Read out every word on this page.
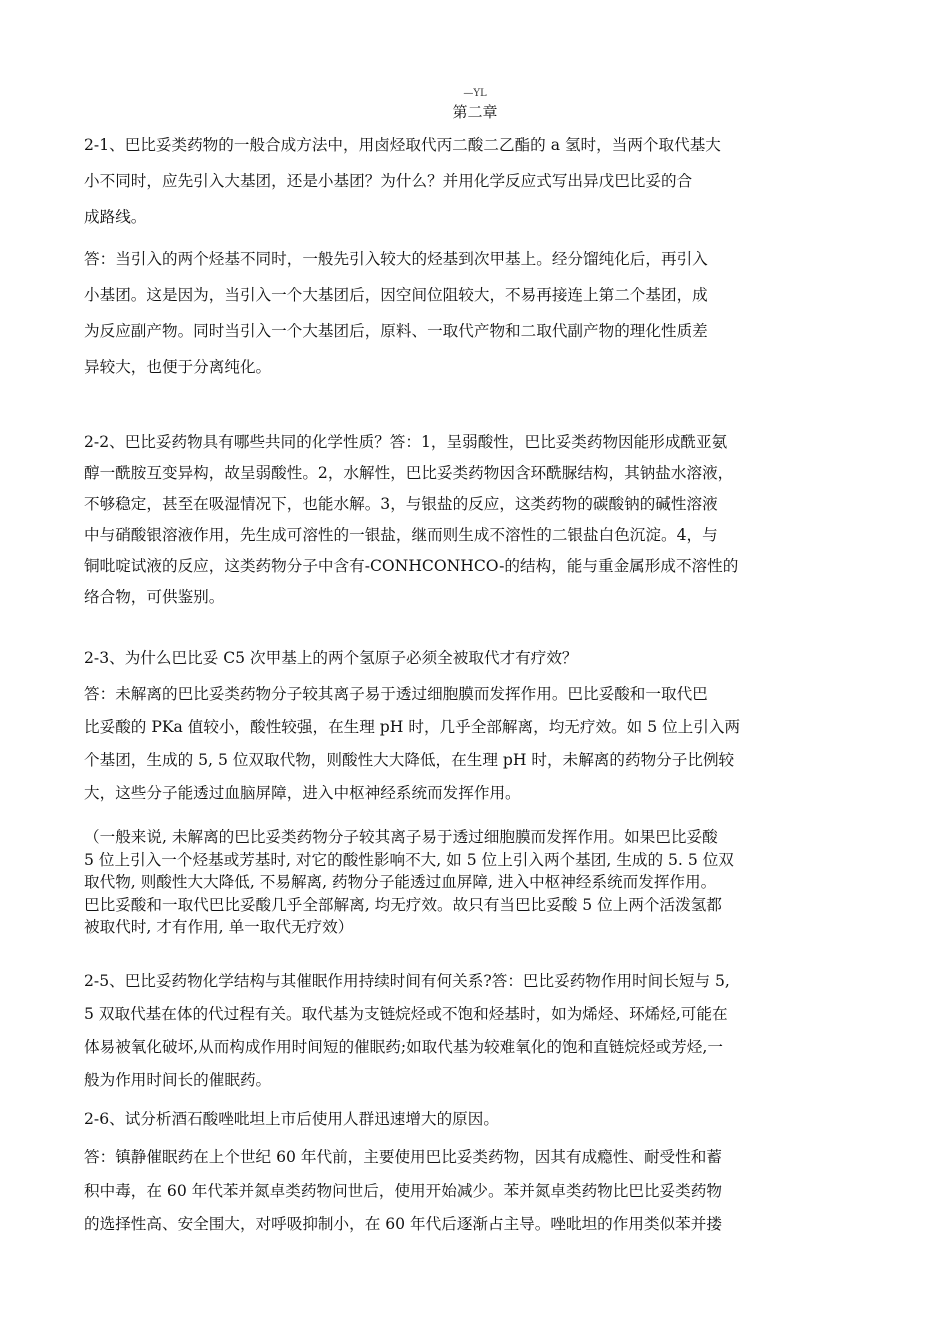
—YL
第二章

2-1、巴比妥类药物的一般合成方法中，用卤烃取代丙二酸二乙酯的 a 氢时，当两个取代基大
小不同时，应先引入大基团，还是小基团？为什么？并用化学反应式写出异戊巴比妥的合
成路线。

答：当引入的两个烃基不同时，一般先引入较大的烃基到次甲基上。经分馏纯化后，再引入
小基团。这是因为，当引入一个大基团后，因空间位阻较大，不易再接连上第二个基团，成
为反应副产物。同时当引入一个大基团后，原料、一取代产物和二取代副产物的理化性质差
异较大，也便于分离纯化。

2-2、巴比妥药物具有哪些共同的化学性质？答：1，呈弱酸性，巴比妥类药物因能形成酰亚氨
醇一酰胺互变异构，故呈弱酸性。2，水解性，巴比妥类药物因含环酰脲结构，其钠盐水溶液，
不够稳定，甚至在吸湿情况下，也能水解。3，与银盐的反应，这类药物的碳酸钠的碱性溶液
中与硝酸银溶液作用，先生成可溶性的一银盐，继而则生成不溶性的二银盐白色沉淀。4，与
铜吡啶试液的反应，这类药物分子中含有-CONHCONHCO-的结构，能与重金属形成不溶性的
络合物，可供鉴别。

2-3、为什么巴比妥 C5 次甲基上的两个氢原子必须全被取代才有疗效？

答：未解离的巴比妥类药物分子较其离子易于透过细胞膜而发挥作用。巴比妥酸和一取代巴
比妥酸的 PKa 值较小，酸性较强，在生理 pH 时，几乎全部解离，均无疗效。如 5 位上引入两
个基团，生成的 5, 5 位双取代物，则酸性大大降低，在生理 pH 时，未解离的药物分子比例较
大，这些分子能透过血脑屏障，进入中枢神经系统而发挥作用。

（一般来说, 未解离的巴比妥类药物分子较其离子易于透过细胞膜而发挥作用。如果巴比妥酸
5 位上引入一个烃基或芳基时, 对它的酸性影响不大, 如 5 位上引入两个基团, 生成的 5. 5 位双
取代物, 则酸性大大降低, 不易解离, 药物分子能透过血屏障, 进入中枢神经系统而发挥作用。
巴比妥酸和一取代巴比妥酸几乎全部解离, 均无疗效。故只有当巴比妥酸 5 位上两个活泼氢都
被取代时, 才有作用, 单一取代无疗效）

2-5、巴比妥药物化学结构与其催眠作用持续时间有何关系?答：巴比妥药物作用时间长短与 5,
5 双取代基在体的代过程有关。取代基为支链烷烃或不饱和烃基时，如为烯烃、环烯烃,可能在
体易被氧化破坏,从而构成作用时间短的催眠药;如取代基为较难氧化的饱和直链烷烃或芳烃,一
般为作用时间长的催眠药。

2-6、试分析酒石酸唑吡坦上市后使用人群迅速增大的原因。

答：镇静催眠药在上个世纪 60 年代前，主要使用巴比妥类药物，因其有成瘾性、耐受性和蓄
积中毒，在 60 年代苯并氮卓类药物问世后，使用开始减少。苯并氮卓类药物比巴比妥类药物
的选择性高、安全围大，对呼吸抑制小，在 60 年代后逐渐占主导。唑吡坦的作用类似苯并搂
